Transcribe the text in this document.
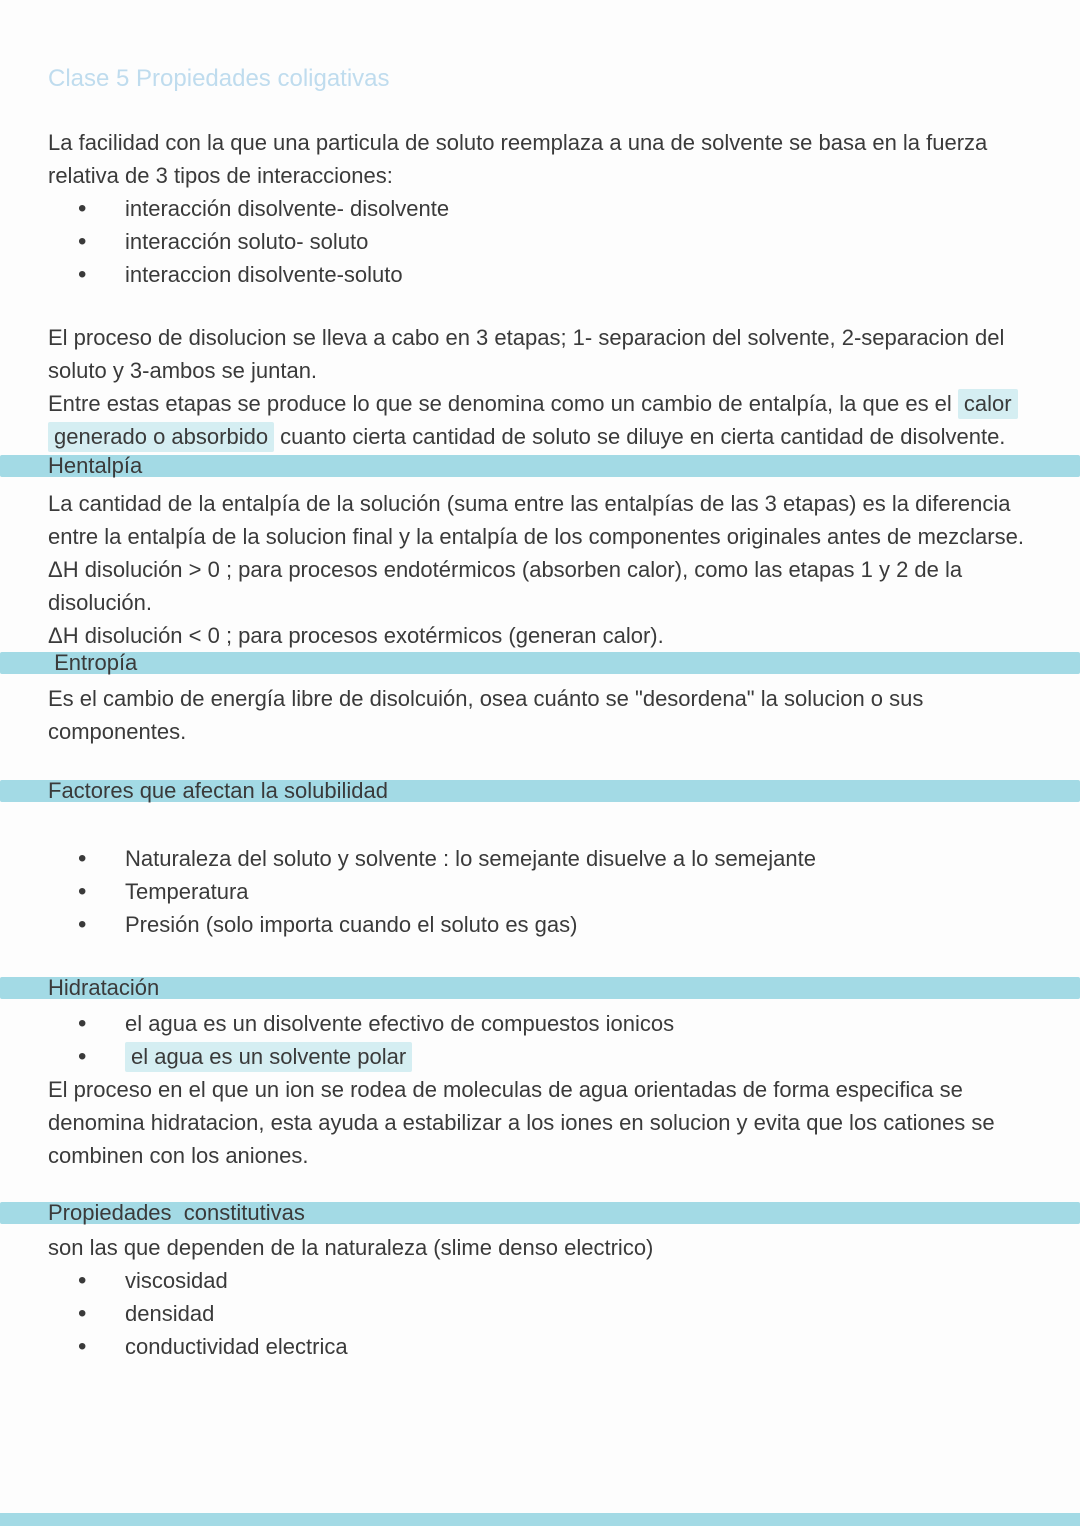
Clase 5 Propiedades coligativas

La facilidad con la que una particula de soluto reemplaza a una de solvente se basa en la fuerza relativa de 3 tipos de interacciones:

• interacción disolvente- disolvente
• interacción soluto- soluto
• interaccion disolvente-soluto

El proceso de disolucion se lleva a cabo en 3 etapas; 1- separacion del solvente, 2-separacion del soluto y 3-ambos se juntan.

Entre estas etapas se produce lo que se denomina como un cambio de entalpía, la que es el calor generado o absorbido cuanto cierta cantidad de soluto se diluye en cierta cantidad de disolvente.

Hentalpía

La cantidad de la entalpía de la solución (suma entre las entalpías de las 3 etapas) es la diferencia entre la entalpía de la solucion final y la entalpía de los componentes originales antes de mezclarse.

ΔH disolución > 0 ; para procesos endotérmicos (absorben calor), como las etapas 1 y 2 de la disolución.

ΔH disolución < 0 ; para procesos exotérmicos (generan calor).

Entropía

Es el cambio de energía libre de disolcuión, osea cuánto se "desordena" la solucion o sus componentes.

Factores que afectan la solubilidad
• Naturaleza del soluto y solvente : lo semejante disuelve a lo semejante
• Temperatura
• Presión (solo importa cuando el soluto es gas)
Hidratación
• el agua es un disolvente efectivo de compuestos ionicos
• el agua es un solvente polar

El proceso en el que un ion se rodea de moleculas de agua orientadas de forma especifica se denomina hidratacion, esta ayuda a estabilizar a los iones en solucion y evita que los cationes se combinen con los aniones.

Propiedades  constitutivas

son las que dependen de la naturaleza (slime denso electrico)

• viscosidad
• densidad
• conductividad electrica
